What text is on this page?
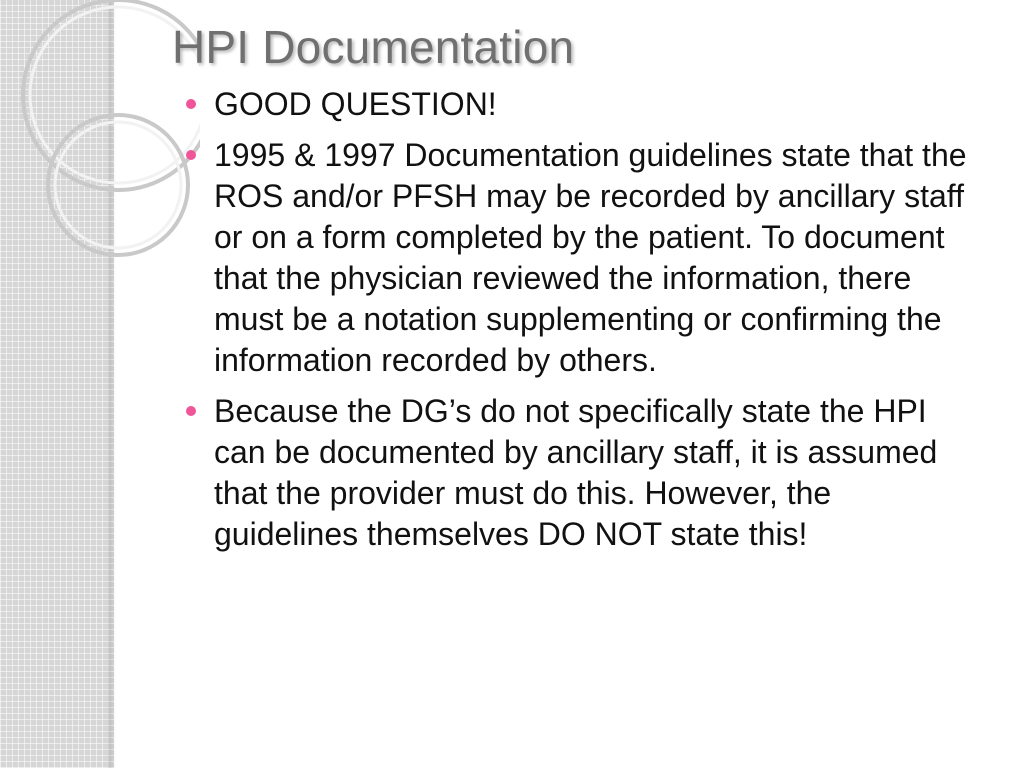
HPI Documentation
GOOD QUESTION!
1995 & 1997 Documentation guidelines state that the ROS and/or PFSH may be recorded by ancillary staff or on a form completed by the patient. To document that the physician reviewed the information, there must be a notation supplementing or confirming the information recorded by others.
Because the DG’s do not specifically state the HPI can be documented by ancillary staff, it is assumed that the provider must do this. However, the guidelines themselves DO NOT state this!
